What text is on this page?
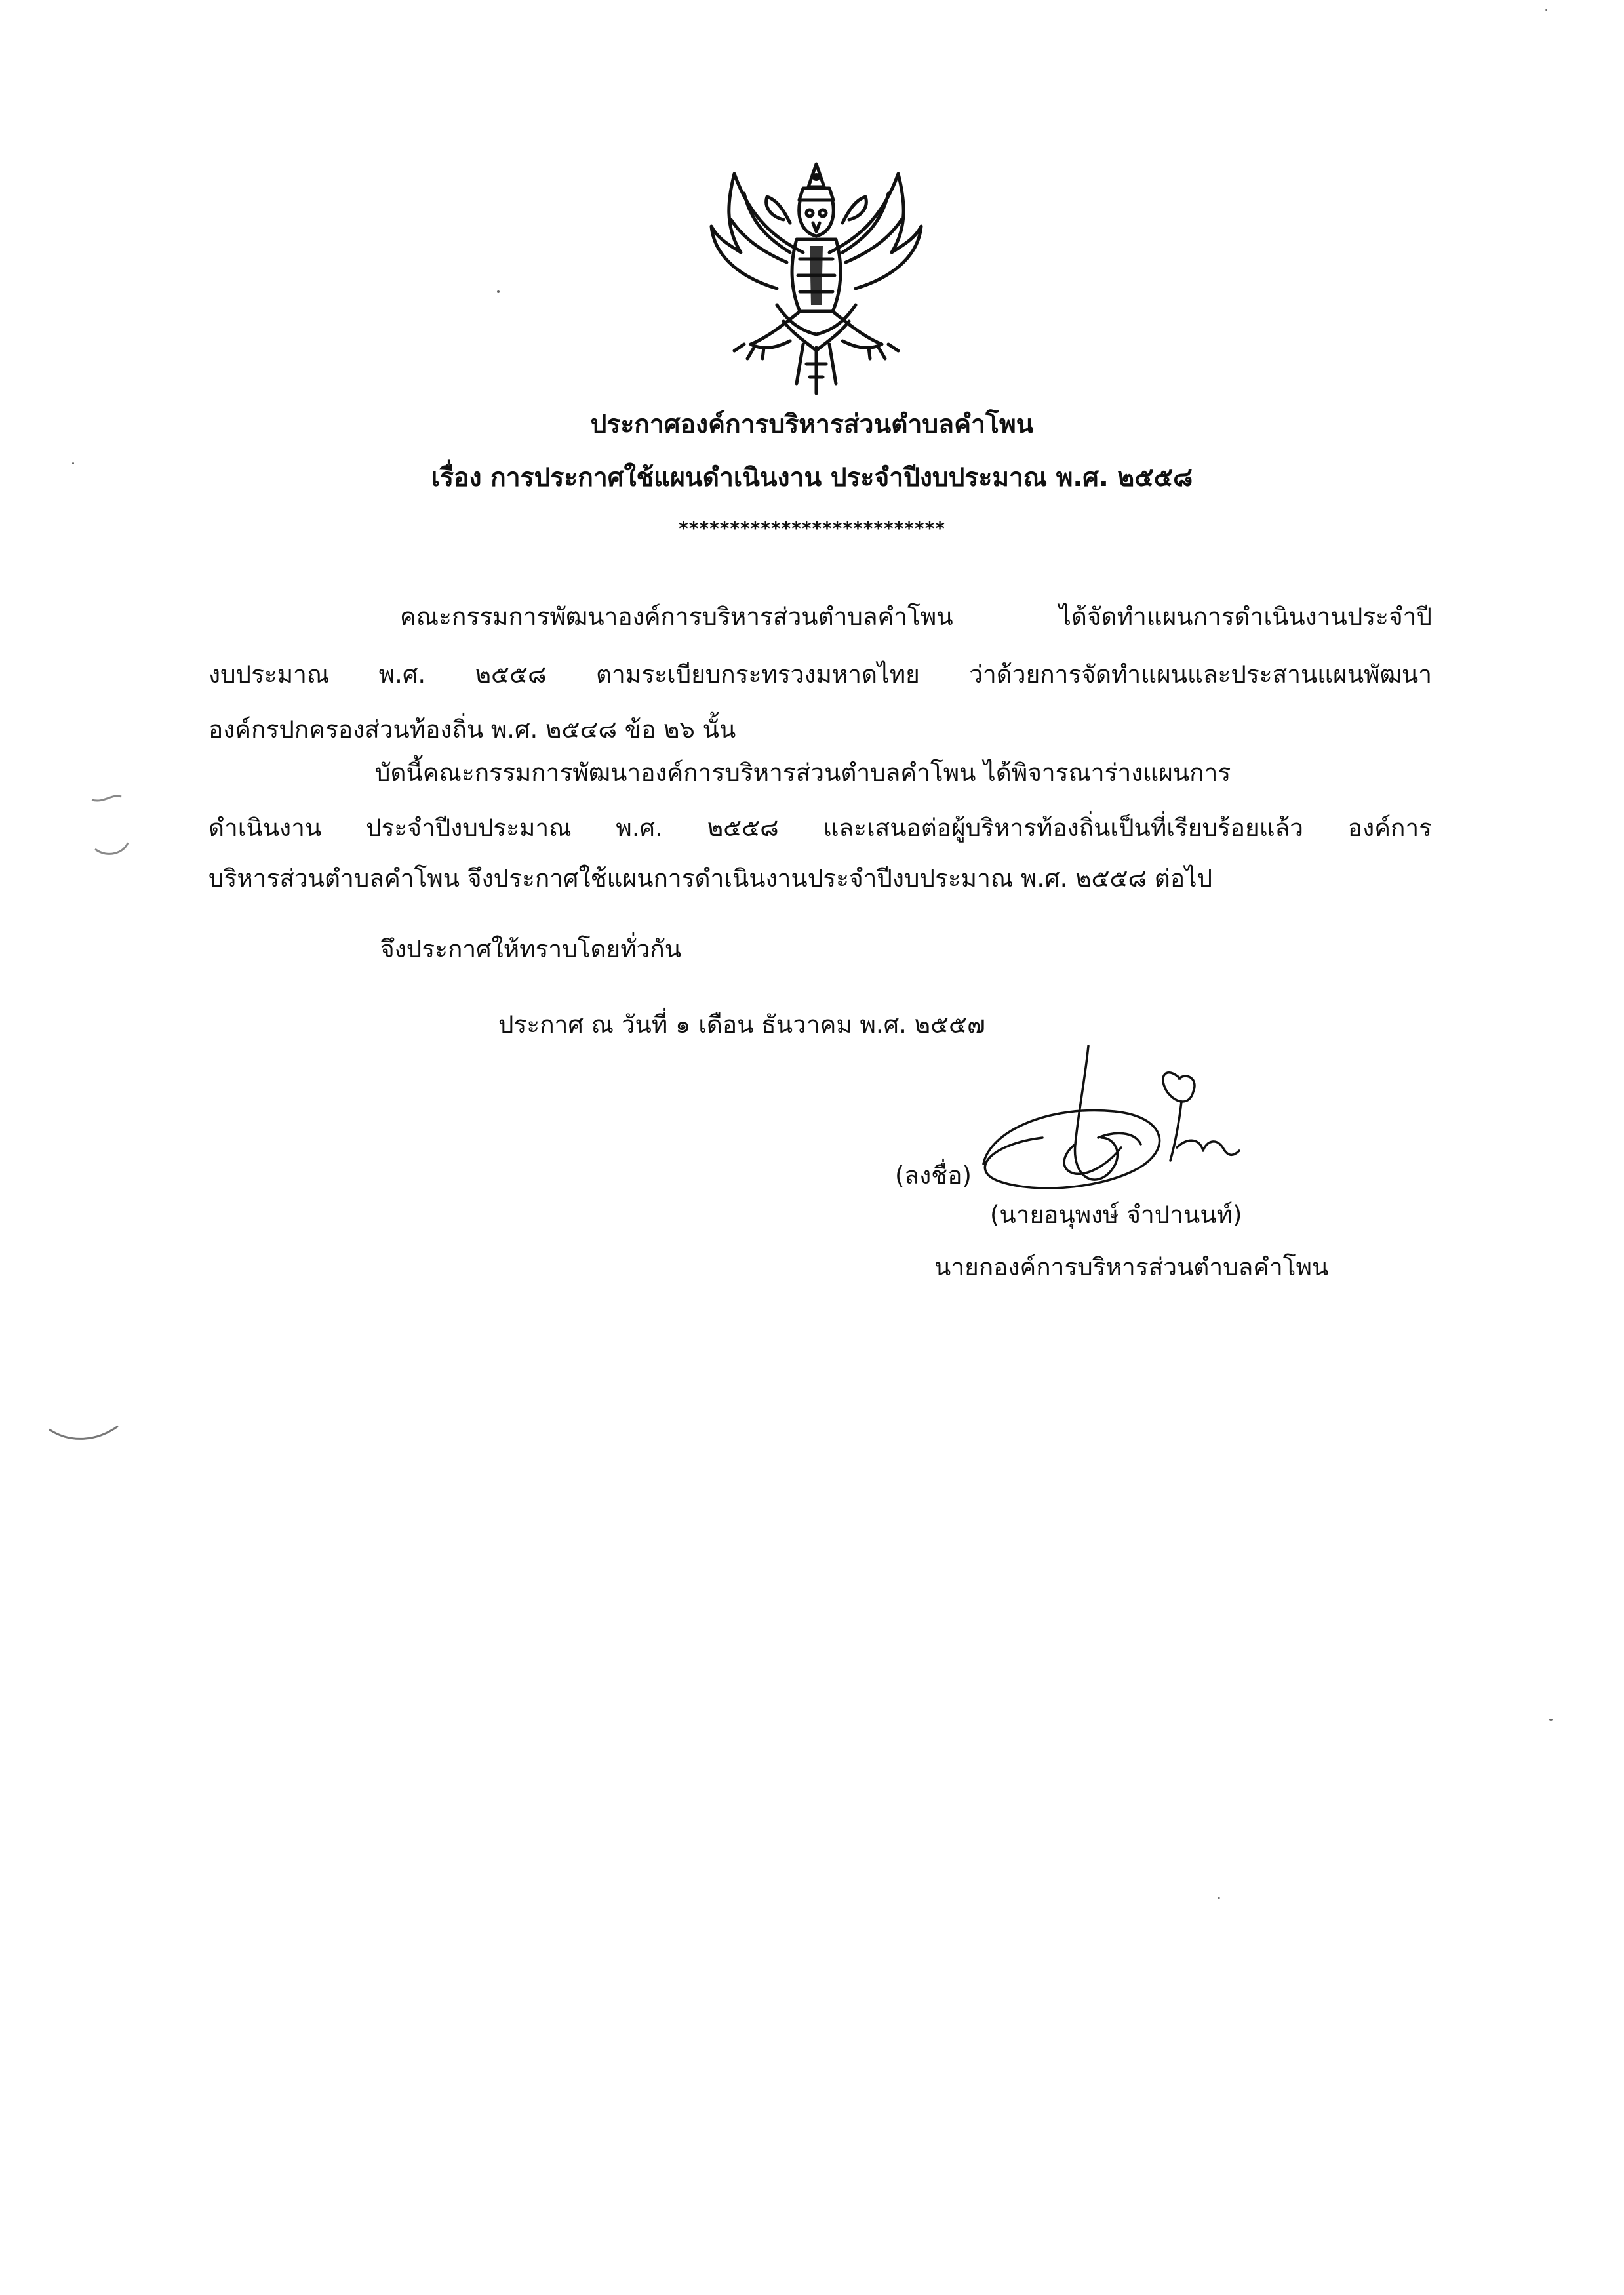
ประกาศองค์การบริหารส่วนตำบลคำโพน
เรื่อง การประกาศใช้แผนดำเนินงาน ประจำปีงบประมาณ พ.ศ. ๒๕๕๘
**************************
คณะกรรมการพัฒนาองค์การบริหารส่วนตำบลคำโพน ได้จัดทำแผนการดำเนินงานประจำปี
งบประมาณ พ.ศ. ๒๕๕๘ ตามระเบียบกระทรวงมหาดไทย ว่าด้วยการจัดทำแผนและประสานแผนพัฒนา
องค์กรปกครองส่วนท้องถิ่น พ.ศ. ๒๕๔๘ ข้อ ๒๖ นั้น
บัดนี้คณะกรรมการพัฒนาองค์การบริหารส่วนตำบลคำโพน ได้พิจารณาร่างแผนการ
ดำเนินงาน ประจำปีงบประมาณ พ.ศ. ๒๕๕๘ และเสนอต่อผู้บริหารท้องถิ่นเป็นที่เรียบร้อยแล้ว องค์การ
บริหารส่วนตำบลคำโพน จึงประกาศใช้แผนการดำเนินงานประจำปีงบประมาณ พ.ศ. ๒๕๕๘ ต่อไป
จึงประกาศให้ทราบโดยทั่วกัน
ประกาศ ณ วันที่ ๑ เดือน ธันวาคม พ.ศ. ๒๕๕๗
(ลงชื่อ)
(นายอนุพงษ์ จำปานนท์)
นายกองค์การบริหารส่วนตำบลคำโพน
